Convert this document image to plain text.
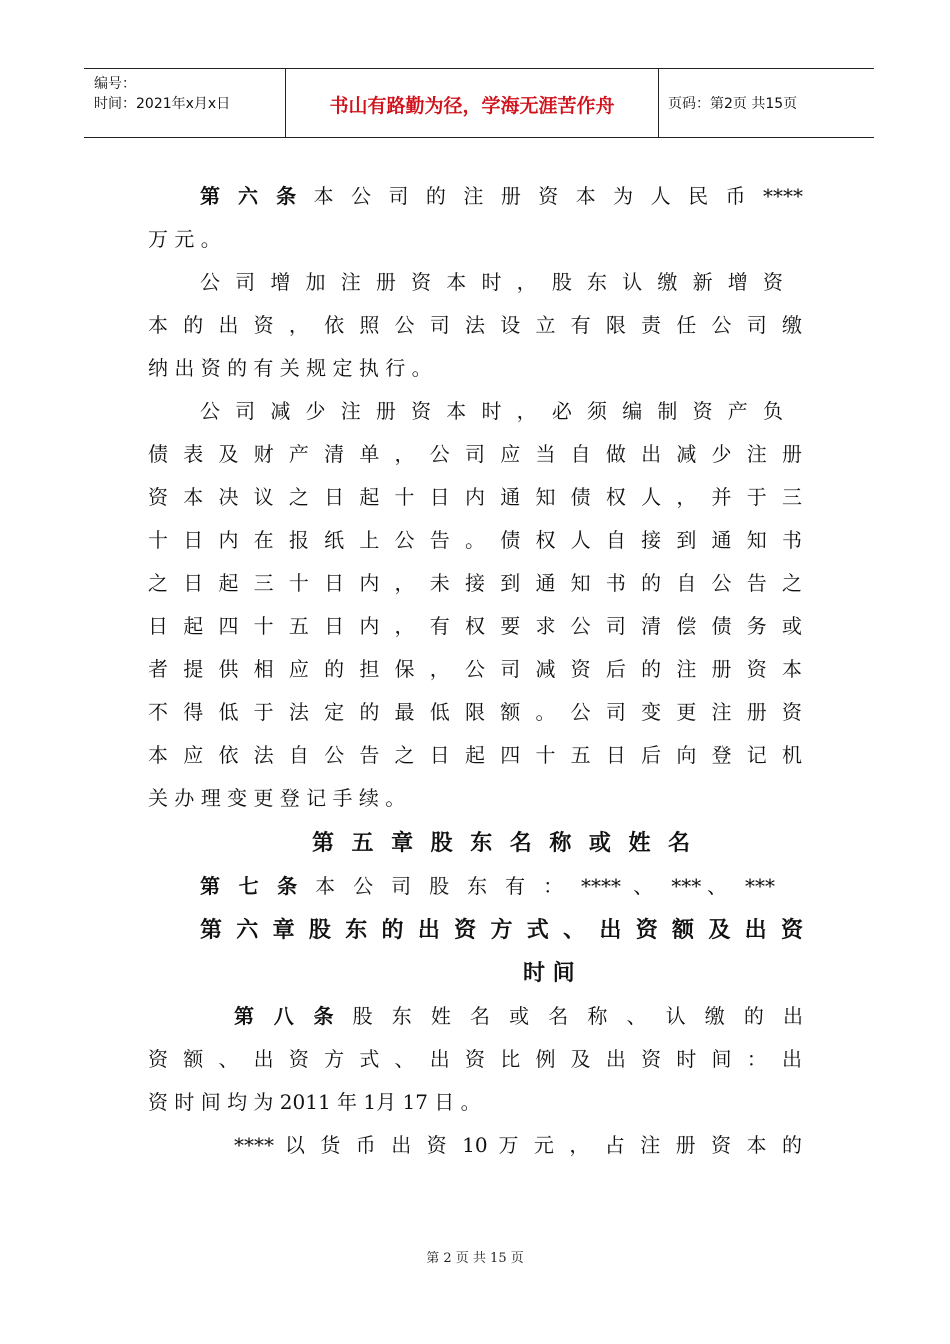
编号：
时间：2021年x月x日	书山有路勤为径，学海无涯苦作舟	页码：第2页 共15页
第 六 条 本 公 司 的 注 册 资 本 为 人 民 币 ****
万 元 。
公 司 增 加 注 册 资 本 时 ， 股 东 认 缴 新 增 资
本 的 出 资 ， 依 照 公 司 法 设 立 有 限 责 任 公 司 缴
纳 出 资 的 有 关 规 定 执 行 。
公 司 减 少 注 册 资 本 时 ， 必 须 编 制 资 产 负
债 表 及 财 产 清 单 ， 公 司 应 当 自 做 出 减 少 注 册
资 本 决 议 之 日 起 十 日 内 通 知 债 权 人 ， 并 于 三
十 日 内 在 报 纸 上 公 告 。 债 权 人 自 接 到 通 知 书
之 日 起 三 十 日 内 ， 未 接 到 通 知 书 的 自 公 告 之
日 起 四 十 五 日 内 ， 有 权 要 求 公 司 清 偿 债 务 或
者 提 供 相 应 的 担 保 ， 公 司 减 资 后 的 注 册 资 本
不 得 低 于 法 定 的 最 低 限 额 。 公 司 变 更 注 册 资
本 应 依 法 自 公 告 之 日 起 四 十 五 日 后 向 登 记 机
关 办 理 变 更 登 记 手 续 。
第 五 章 股 东 名 称 或 姓 名
第 七 条 本 公 司 股 东 有 ： **** 、 ***、 ***
第 六 章 股 东 的 出 资 方 式 、 出 资 额 及 出 资
时 间
第 八 条 股 东 姓 名 或 名 称 、 认 缴 的 出
资 额 、 出 资 方 式 、 出 资 比 例 及 出 资 时 间 ： 出
资 时 间 均 为 2011 年 1月 17 日 。
**** 以 货 币 出 资 10 万 元 ， 占 注 册 资 本 的
第 2 页 共 15 页
